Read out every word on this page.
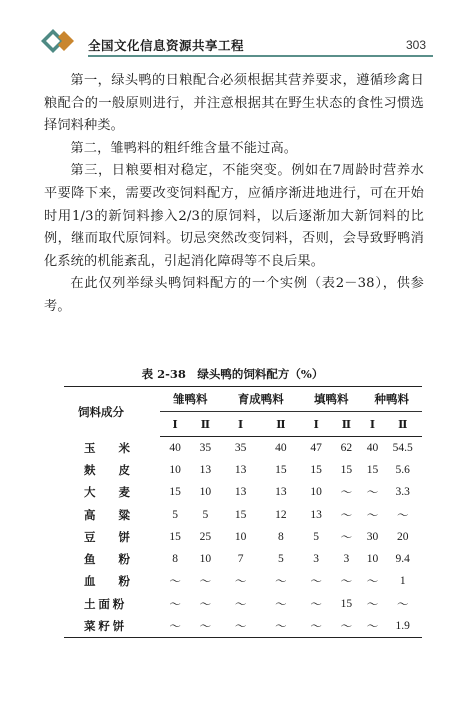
全国文化信息资源共享工程	303

第一，绿头鸭的日粮配合必须根据其营养要求，遵循珍禽日粮配合的一般原则进行，并注意根据其在野生状态的食性习惯选择饲料种类。

第二，雏鸭料的粗纤维含量不能过高。

第三，日粮要相对稳定，不能突变。例如在7周龄时营养水平要降下来，需要改变饲料配方，应循序渐进地进行，可在开始时用1/3的新饲料掺入2/3的原饲料，以后逐渐加大新饲料的比例，继而取代原饲料。切忌突然改变饲料，否则，会导致野鸭消化系统的机能紊乱，引起消化障碍等不良后果。

在此仅列举绿头鸭饲料配方的一个实例（表2－38），供参考。

表 2-38　绿头鸭的饲料配方（%）
饲料成分	雏鸭料		育成鸭料		填鸭料		种鸭料	
	Ⅰ	Ⅱ	Ⅰ	Ⅱ	Ⅰ	Ⅱ	Ⅰ	Ⅱ
玉　　米	40	35	35	40	47	62	40	54.5
麸　　皮	10	13	13	15	15	15	15	5.6
大　　麦	15	10	13	13	10	～	～	3.3
高　　粱	5	5	15	12	13	～	～	～
豆　　饼	15	25	10	8	5	～	30	20
鱼　　粉	8	10	7	5	3	3	10	9.4
血　　粉	～	～	～	～	～	～	～	1
土 面 粉	～	～	～	～	～	15	～	～
菜 籽 饼	～	～	～	～	～	～	～	1.9
